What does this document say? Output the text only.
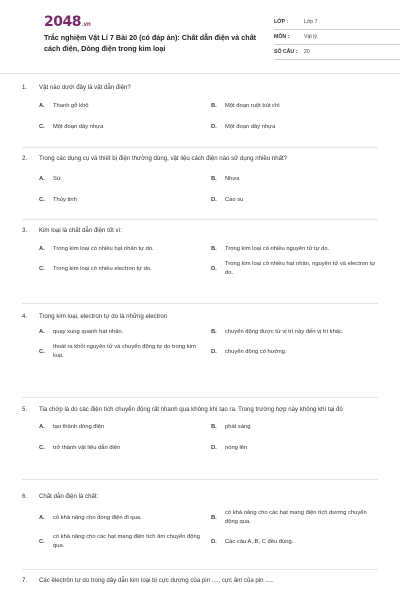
2048 .vn
Trắc nghiệm Vật Lí 7 Bài 20 (có đáp án): Chất dẫn điện và chất cách điện, Dòng điện trong kim loại
LỚP :	Lớp 7
MÔN :	Vật lý
SỐ CÂU :	20
1.	Vật nào dưới đây là vật dẫn điện?
A.	Thanh gỗ khô	B.	Một đoạn ruột bút chì
C.	Một đoạn dây nhựa	D.	Một đoạn dây nhựa
2.	Trong các dụng cụ và thiết bị điện thường dùng, vật liệu cách điện nào sử dụng nhiều nhất?
A.	Sứ	B.	Nhựa
C.	Thủy tinh	D.	Cao su
3.	Kim loại là chất dẫn điện tốt vì:
A.	Trong kim loại có nhiều hạt nhân tự do.	B.	Trong kim loại có nhiều nguyên tử tự do.
C.	Trong kim loại có nhiều electron tự do.	D.
Trong kim loại có nhiều hạt nhân, nguyên tử và electron tự do.
4.	Trong kim loại, electron tự do là những electron
A.	quay xung quanh hạt nhân.	B.	chuyển động được từ vị trí này đến vị trí khác.
C.
thoát ra khỏi nguyên tử và chuyển động tự do trong kim loại.
D.	chuyển động có hướng.
5.	Tia chớp là do các điện tích chuyển động rất nhanh qua không khí tạo ra. Trong trường hợp này không khí tại đó
A.	tạo thành dòng điện	B.	phát sáng
C.	trở thành vật liệu dẫn điện	D.	nóng lên
6.	Chất dẫn điện là chất:
A.	có khả năng cho dòng điện đi qua.	B.
có khả năng cho các hạt mang điện tích dương chuyển động qua.
C.
có khả năng cho các hạt mang điện tích âm chuyển động qua.
D.	Các câu A, B, C đều đúng.
7.	Các êlectrôn tự do trong dây dẫn kim loại bị cực dương của pin ...., cực âm của pin .....
